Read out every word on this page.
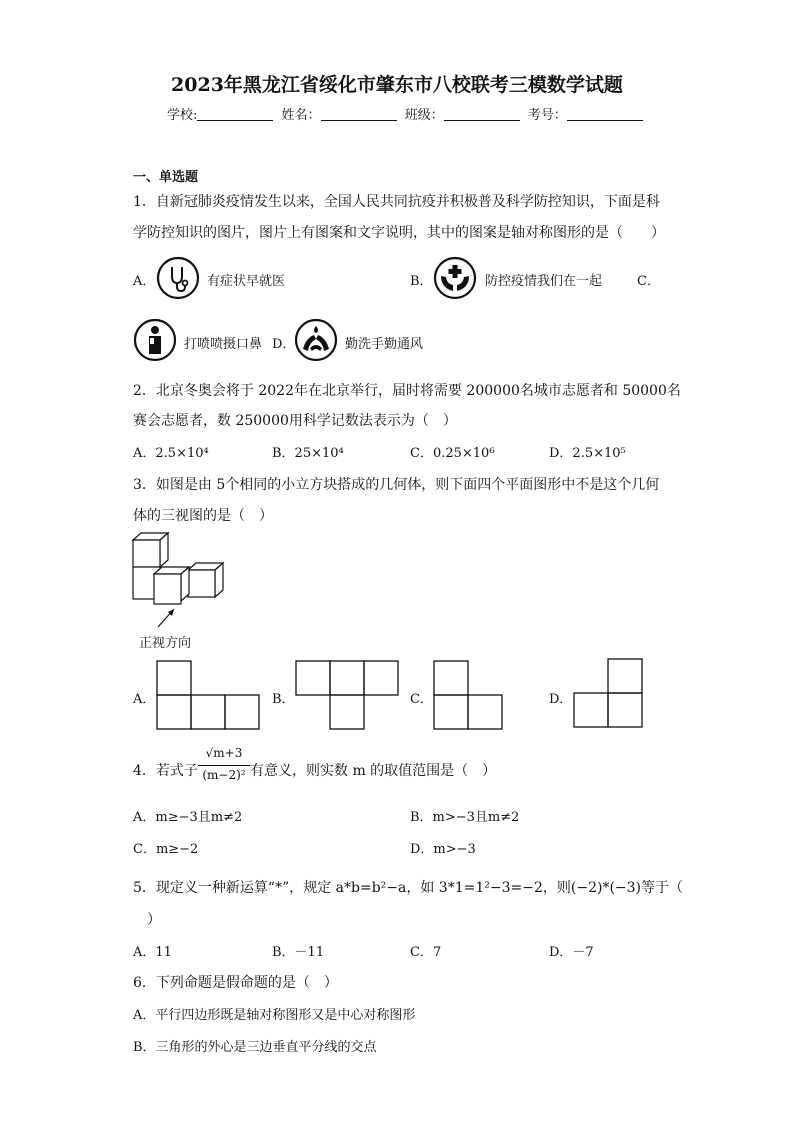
2023年黑龙江省绥化市肇东市八校联考三模数学试题
学校:	姓名：	班级：	考号：
一、单选题
1．自新冠肺炎疫情发生以来，全国人民共同抗疫并积极普及科学防控知识，下面是科
学防控知识的图片，图片上有图案和文字说明，其中的图案是轴对称图形的是（　　）
A．	有症状早就医	B．	防控疫情我们在一起	C．
打喷喷摄口鼻 D．	勤洗手勤通风
2．北京冬奥会将于 2022年在北京举行，届时将需要 200000名城市志愿者和 50000名
赛会志愿者，数 250000用科学记数法表示为（　）
A．2.5×10⁴	B．25×10⁴	C．0.25×10⁶	D．2.5×10⁵
3．如图是由 5个相同的小立方块搭成的几何体，则下面四个平面图形中不是这个几何
体的三视图的是（　）
正视方向
A．	B．	C．	D．
4．若式子
√m+3
(m−2)² 有意义，则实数 m 的取值范围是（　）
A．m≥−3且m≠2	B．m>−3且m≠2
C．m≥−2	D．m>−3
5．现定义一种新运算“*”，规定 a*b=b²−a，如 3*1=1²−3=−2，则(−2)*(−3)等于（
　）
A．11	B．－11	C．7	D．－7
6．下列命题是假命题的是（　）
A．平行四边形既是轴对称图形又是中心对称图形
B．三角形的外心是三边垂直平分线的交点
